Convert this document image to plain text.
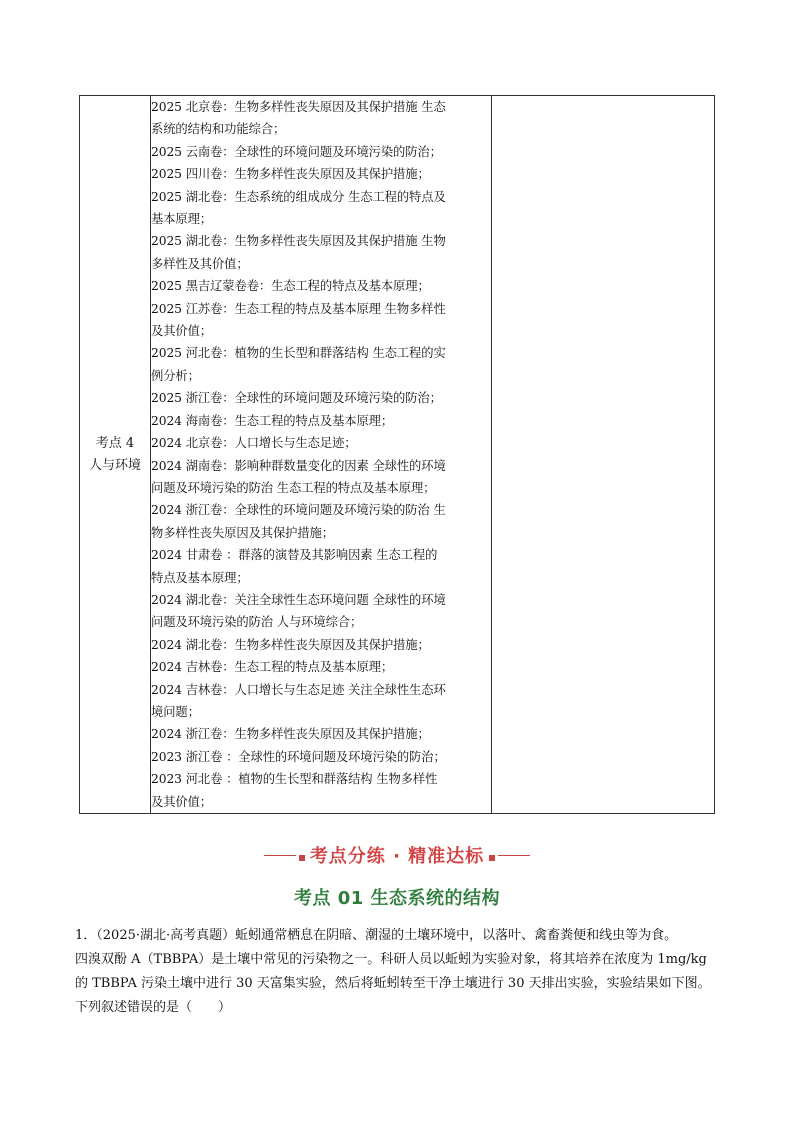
考点 4
人与环境

2025 北京卷：生物多样性丧失原因及其保护措施 生态
系统的结构和功能综合；
2025 云南卷：全球性的环境问题及环境污染的防治；
2025 四川卷：生物多样性丧失原因及其保护措施；
2025 湖北卷：生态系统的组成成分 生态工程的特点及
基本原理；
2025 湖北卷：生物多样性丧失原因及其保护措施 生物
多样性及其价值；
2025 黑吉辽蒙卷卷：生态工程的特点及基本原理；
2025 江苏卷：生态工程的特点及基本原理 生物多样性
及其价值；
2025 河北卷：植物的生长型和群落结构 生态工程的实
例分析；
2025 浙江卷：全球性的环境问题及环境污染的防治；
2024 海南卷：生态工程的特点及基本原理；
2024 北京卷：人口增长与生态足迹；
2024 湖南卷：影响种群数量变化的因素 全球性的环境
问题及环境污染的防治 生态工程的特点及基本原理；
2024 浙江卷：全球性的环境问题及环境污染的防治 生
物多样性丧失原因及其保护措施；
2024 甘肃卷 ：群落的演替及其影响因素 生态工程的
特点及基本原理；
2024 湖北卷：关注全球性生态环境问题 全球性的环境
问题及环境污染的防治 人与环境综合；
2024 湖北卷：生物多样性丧失原因及其保护措施；
2024 吉林卷：生态工程的特点及基本原理；
2024 吉林卷：人口增长与生态足迹 关注全球性生态环
境问题；
2024 浙江卷：生物多样性丧失原因及其保护措施；
2023 浙江卷 ：全球性的环境问题及环境污染的防治；
2023 河北卷 ：植物的生长型和群落结构 生物多样性
及其价值；

考点分练 · 精准达标
考点 01 生态系统的结构
1．（2025·湖北·高考真题）蚯蚓通常栖息在阴暗、潮湿的土壤环境中，以落叶、禽畜粪便和线虫等为食。
四溴双酚 A（TBBPA）是土壤中常见的污染物之一。科研人员以蚯蚓为实验对象，将其培养在浓度为 1mg/kg
的 TBBPA 污染土壤中进行 30 天富集实验，然后将蚯蚓转至干净土壤进行 30 天排出实验，实验结果如下图。
下列叙述错误的是（　　）
